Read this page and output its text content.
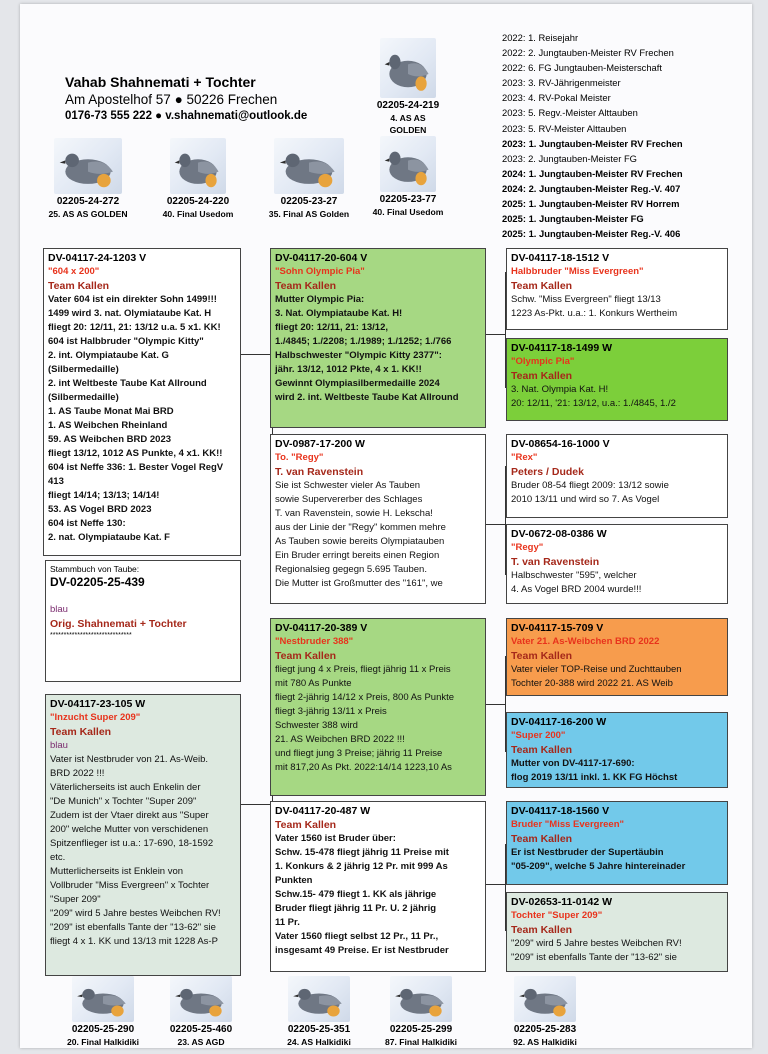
Vahab Shahnemati + Tochter
Am Apostelhof 57 ● 50226 Frechen
0176-73 555 222 ● v.shahnemati@outlook.de
2022: 1. Reisejahr
2022: 2. Jungtauben-Meister RV Frechen
2022: 6. FG Jungtauben-Meisterschaft
2023: 3. RV-Jährigenmeister
2023: 4. RV-Pokal Meister
2023: 5. Regv.-Meister Alttauben
2023: 5. RV-Meister Alttauben
2023: 1. Jungtauben-Meister RV Frechen
2023: 2. Jungtauben-Meister FG
2024: 1. Jungtauben-Meister RV Frechen
2024: 2. Jungtauben-Meister Reg.-V. 407
2025: 1. Jungtauben-Meister RV Horrem
2025: 1. Jungtauben-Meister FG
2025: 1. Jungtauben-Meister Reg.-V. 406
02205-24-219
4. AS AS GOLDEN
02205-23-77
40. Final Usedom
02205-24-272
25. AS AS GOLDEN
02205-24-220
40. Final Usedom
02205-23-27
35. Final AS Golden
DV-04117-24-1203 V
"604 x 200"
Team Kallen
Vater 604 ist ein direkter Sohn 1499!!!
1499 wird 3. nat. Olymiataube Kat. H
fliegt 20: 12/11, 21: 13/12 u.a. 5 x1. KK!
604 ist Halbbruder "Olympic Kitty"
2. int. Olympiataube Kat. G
(Silbermedaille)
2. int Weltbeste Taube Kat Allround
(Silbermedaille)
1. AS Taube Monat Mai BRD
1. AS Weibchen Rheinland
59. AS Weibchen BRD 2023
fliegt 13/12, 1012 AS Punkte, 4 x1. KK!!
604 ist Neffe 336: 1. Bester Vogel RegV 413
fliegt 14/14; 13/13; 14/14!
53. AS Vogel BRD 2023
604 ist Neffe 130:
2. nat. Olympiataube Kat. F
Stammbuch von Taube:
DV-02205-25-439
blau
Orig. Shahnemati + Tochter
******************************
DV-04117-23-105 W
"Inzucht Super 209"
Team Kallen
blau
Vater ist Nestbruder von 21. As-Weib.
BRD 2022 !!!
Väterlicherseits ist auch Enkelin der
"De Munich" x Tochter "Super 209"
Zudem ist der Vtaer direkt aus "Super
200" welche Mutter von verschidenen
Spitzenflieger ist u.a.: 17-690, 18-1592
etc.
Mutterlicherseits ist Enklein von
Vollbruder "Miss Evergreen" x Tochter
"Super 209"
"209" wird 5 Jahre bestes Weibchen RV!
"209" ist ebenfalls Tante der "13-62" sie
fliegt 4 x 1. KK und 13/13 mit 1228 As-P
DV-04117-20-604 V
"Sohn Olympic Pia"
Team Kallen
Mutter Olympic Pia:
3. Nat. Olympiataube Kat. H!
fliegt 20: 12/11, 21: 13/12,
1./4845; 1./2208; 1./1989; 1./1252; 1./766
Halbschwester "Olympic Kitty 2377":
jähr. 13/12, 1012 Pkte, 4 x 1. KK!!
Gewinnt Olympiasilbermedaille 2024
wird 2. int. Weltbeste Taube Kat Allround
DV-0987-17-200 W
To. "Regy"
T. van Ravenstein
Sie ist Schwester vieler As Tauben
sowie Supervererber des Schlages
T. van Ravenstein, sowie H. Lekscha!
aus der Linie der "Regy" kommen mehre
As Tauben sowie bereits Olympiatauben
Ein Bruder erringt bereits einen Region
Regionalsieg gegegn 5.695 Tauben.
Die Mutter ist Großmutter des "161", we
DV-04117-20-389 V
"Nestbruder 388"
Team Kallen
fliegt jung 4 x Preis, fliegt jährig 11 x Preis
mit 780 As Punkte
fliegt 2-jährig 14/12 x Preis, 800 As Punkte
fliegt 3-jährig 13/11 x Preis
Schwester 388 wird
21. AS Weibchen BRD 2022 !!!
und fliegt jung 3 Preise; jährig 11 Preise
mit 817,20 As Pkt. 2022:14/14 1223,10 As
DV-04117-20-487 W
Team Kallen
Vater 1560 ist Bruder über:
Schw. 15-478 fliegt jährig 11 Preise mit
1. Konkurs & 2 jährig 12 Pr. mit 999 As
Punkten
Schw.15- 479 fliegt 1. KK als jährige
Bruder fliegt jährig 11 Pr. U. 2 jährig
11 Pr.
Vater 1560 fliegt selbst 12 Pr., 11 Pr.,
insgesamt 49 Preise. Er ist Nestbruder
DV-04117-18-1512 V
Halbbruder "Miss Evergreen"
Team Kallen
Schw. "Miss Evergreen" fliegt 13/13
1223 As-Pkt. u.a.: 1. Konkurs Wertheim
DV-04117-18-1499 W
"Olympic Pia"
Team Kallen
3. Nat. Olympia Kat. H!
20: 12/11, '21: 13/12, u.a.: 1./4845, 1./2
DV-08654-16-1000 V
"Rex"
Peters / Dudek
Bruder 08-54 fliegt 2009: 13/12 sowie
2010 13/11 und wird so 7. As Vogel
DV-0672-08-0386 W
"Regy"
T. van Ravenstein
Halbschwester "595", welcher
4. As Vogel BRD 2004 wurde!!!
DV-04117-15-709 V
Vater 21. As-Weibchen BRD 2022
Team Kallen
Vater vieler TOP-Reise und Zuchttauben
Tochter 20-388 wird 2022 21. AS Weib
DV-04117-16-200 W
"Super 200"
Team Kallen
Mutter von DV-4117-17-690:
flog 2019 13/11 inkl. 1. KK FG Höchst
DV-04117-18-1560 V
Bruder "Miss Evergreen"
Team Kallen
Er ist Nestbruder der Supertäubin
"05-209", welche 5 Jahre hintereinader
DV-02653-11-0142 W
Tochter "Super 209"
Team Kallen
"209" wird 5 Jahre bestes Weibchen RV!
"209" ist ebenfalls Tante der "13-62" sie
02205-25-290
20. Final Halkidiki
02205-25-460
23. AS AGD
02205-25-351
24. AS Halkidiki
02205-25-299
87. Final Halkidiki
02205-25-283
92. AS Halkidiki
